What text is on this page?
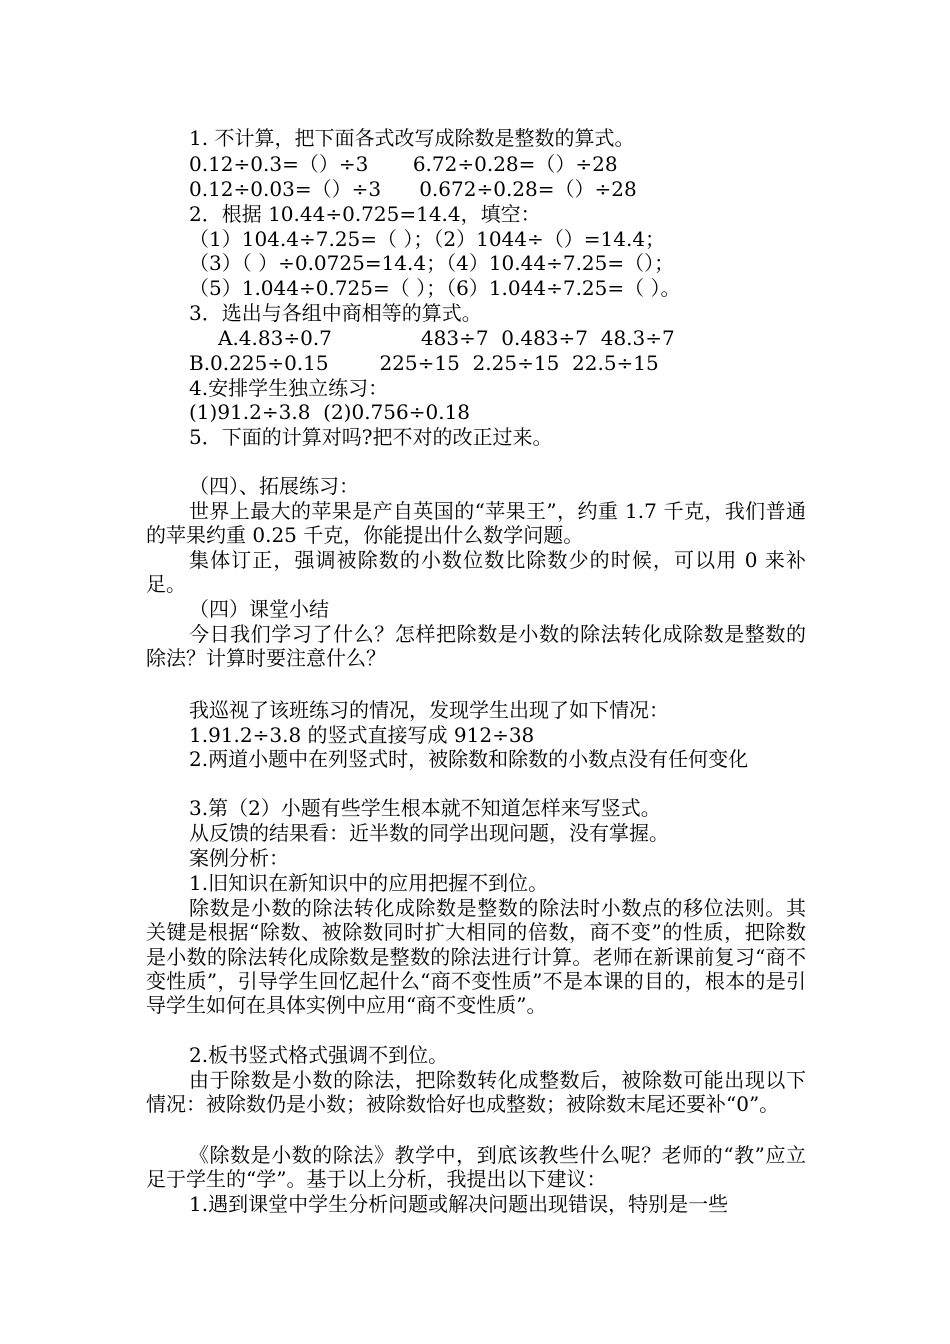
1. 不计算，把下面各式改写成除数是整数的算式。
0.12÷0.3=（）÷3       6.72÷0.28=（）÷28
0.12÷0.03=（）÷3      0.672÷0.28=（）÷28
2．根据 10.44÷0.725=14.4，填空：
（1）104.4÷7.25=（ ）；（2）1044÷（）=14.4；
（3）（ ）÷0.0725=14.4；（4）10.44÷7.25=（）；
（5）1.044÷0.725=（ ）；（6）1.044÷7.25=（ ）。
3．选出与各组中商相等的算式。
A.4.83÷0.7              483÷7  0.483÷7  48.3÷7
B.0.225÷0.15        225÷15  2.25÷15  22.5÷15
4.安排学生独立练习：
(1)91.2÷3.8  (2)0.756÷0.18
5．下面的计算对吗?把不对的改正过来。
（四）、拓展练习：

世界上最大的苹果是产自英国的“苹果王”，约重 1.7 千克，我们普通的苹果约重 0.25 千克，你能提出什么数学问题。

集体订正，强调被除数的小数位数比除数少的时候，可以用 0 来补足。

（四）课堂小结

今日我们学习了什么？怎样把除数是小数的除法转化成除数是整数的除法？计算时要注意什么？

我巡视了该班练习的情况，发现学生出现了如下情况：
1.91.2÷3.8 的竖式直接写成 912÷38

2.两道小题中在列竖式时，被除数和除数的小数点没有任何变化

3.第（2）小题有些学生根本就不知道怎样来写竖式。
从反馈的结果看：近半数的同学出现问题，没有掌握。
案例分析：
1.旧知识在新知识中的应用把握不到位。

除数是小数的除法转化成除数是整数的除法时小数点的移位法则。其关键是根据“除数、被除数同时扩大相同的倍数，商不变”的性质，把除数是小数的除法转化成除数是整数的除法进行计算。老师在新课前复习“商不变性质”，引导学生回忆起什么“商不变性质”不是本课的目的，根本的是引导学生如何在具体实例中应用“商不变性质”。

2.板书竖式格式强调不到位。

由于除数是小数的除法，把除数转化成整数后，被除数可能出现以下情况：被除数仍是小数；被除数恰好也成整数；被除数末尾还要补“0”。

《除数是小数的除法》教学中，到底该教些什么呢？老师的“教”应立足于学生的“学”。基于以上分析，我提出以下建议：

1.遇到课堂中学生分析问题或解决问题出现错误，特别是一些
